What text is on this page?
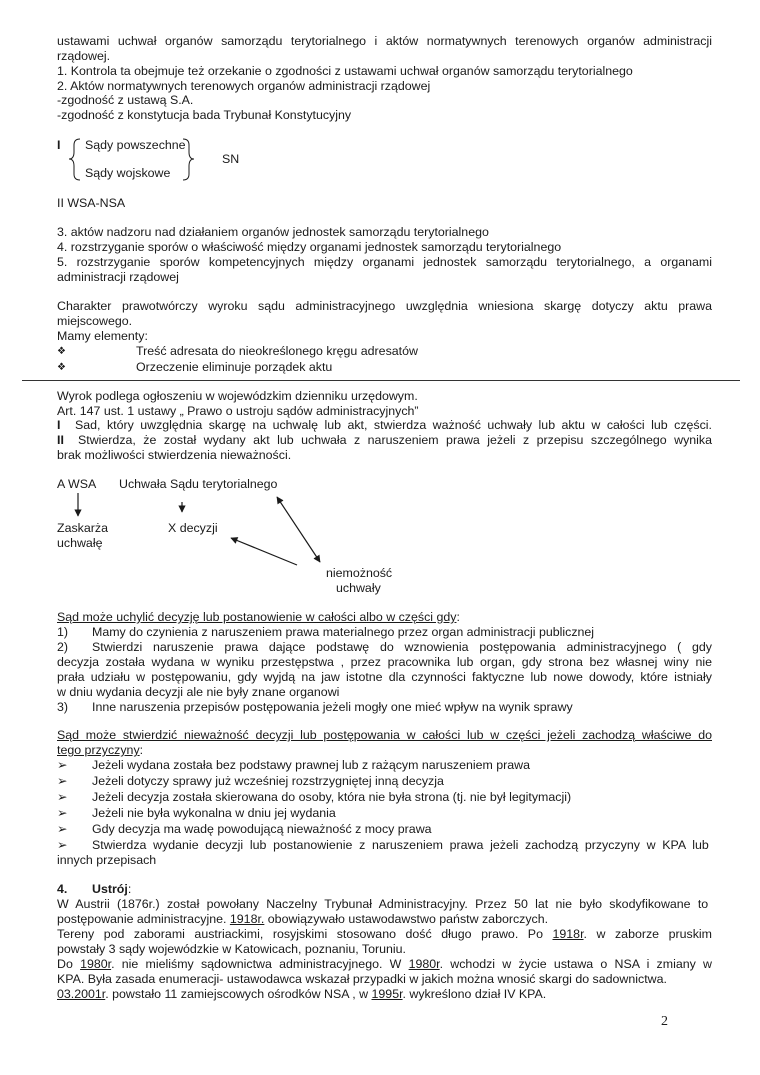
ustawami uchwał organów samorządu terytorialnego i aktów normatywnych terenowych organów administracji
rządowej.
1. Kontrola ta obejmuje też orzekanie o zgodności z ustawami uchwał organów samorządu terytorialnego
2. Aktów normatywnych terenowych organów administracji rządowej
-zgodność z ustawą S.A.
-zgodność z konstytucja bada Trybunał Konstytucyjny
I Sądy powszechne
Sądy wojskowe
SN
II WSA-NSA
3. aktów nadzoru nad działaniem organów jednostek samorządu terytorialnego
4. rozstrzyganie sporów o właściwość między organami jednostek samorządu terytorialnego
5. rozstrzyganie sporów kompetencyjnych między organami jednostek samorządu terytorialnego, a organami
administracji rządowej
Charakter prawotwórczy wyroku sądu administracyjnego uwzględnia wniesiona skargę dotyczy aktu prawa
miejscowego.
Mamy elementy:
❖	Treść adresata do nieokreślonego kręgu adresatów
❖	Orzeczenie eliminuje porządek aktu
Wyrok podlega ogłoszeniu w wojewódzkim dzienniku urzędowym.
Art. 147 ust. 1 ustawy „ Prawo o ustroju sądów administracyjnych”
I Sad, który uwzględnia skargę na uchwalę lub akt, stwierdza ważność uchwały lub aktu w całości lub części.
II Stwierdza, że został wydany akt lub uchwała z naruszeniem prawa jeżeli z przepisu szczególnego wynika
brak możliwości stwierdzenia nieważności.
A WSA Uchwała Sądu terytorialnego
Zaskarża
uchwałę
X decyzji
niemożność
uchwały
Sąd może uchylić decyzję lub postanowienie w całości albo w części gdy:
1) Mamy do czynienia z naruszeniem prawa materialnego przez organ administracji publicznej
2) Stwierdzi naruszenie prawa dające podstawę do wznowienia postępowania administracyjnego ( gdy
decyzja została wydana w wyniku przestępstwa , przez pracownika lub organ, gdy strona bez własnej winy nie
prała udziału w postępowaniu, gdy wyjdą na jaw istotne dla czynności faktyczne lub nowe dowody, które istniały
w dniu wydania decyzji ale nie były znane organowi
3) Inne naruszenia przepisów postępowania jeżeli mogły one mieć wpływ na wynik sprawy
Sąd może stwierdzić nieważność decyzji lub postępowania w całości lub w części jeżeli zachodzą właściwe do
tego przyczyny:
➢ Jeżeli wydana została bez podstawy prawnej lub z rażącym naruszeniem prawa
➢ Jeżeli dotyczy sprawy już wcześniej rozstrzygniętej inną decyzja
➢ Jeżeli decyzja została skierowana do osoby, która nie była strona (tj. nie był legitymacji)
➢ Jeżeli nie była wykonalna w dniu jej wydania
➢ Gdy decyzja ma wadę powodującą nieważność z mocy prawa
➢ Stwierdza wydanie decyzji lub postanowienie z naruszeniem prawa jeżeli zachodzą przyczyny w KPA lub
innych przepisach
4. Ustrój:
W Austrii (1876r.) został powołany Naczelny Trybunał Administracyjny. Przez 50 lat nie było skodyfikowane to
postępowanie administracyjne. 1918r. obowiązywało ustawodawstwo państw zaborczych.
Tereny pod zaborami austriackimi, rosyjskimi stosowano dość długo prawo. Po 1918r. w zaborze pruskim
powstały 3 sądy wojewódzkie w Katowicach, poznaniu, Toruniu.
Do 1980r. nie mieliśmy sądownictwa administracyjnego. W 1980r. wchodzi w życie ustawa o NSA i zmiany w
KPA. Była zasada enumeracji- ustawodawca wskazał przypadki w jakich można wnosić skargi do sadownictwa.
03.2001r. powstało 11 zamiejscowych ośrodków NSA , w 1995r. wykreślono dział IV KPA.
2
